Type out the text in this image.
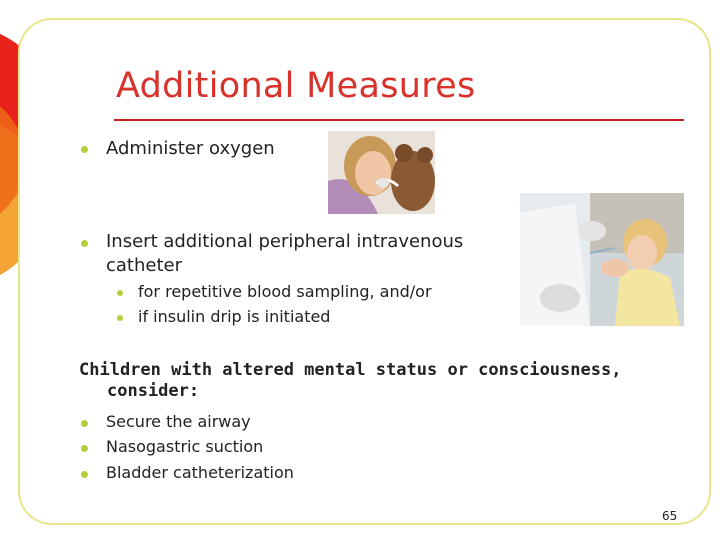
Additional Measures
Administer oxygen
Insert additional peripheral intravenous
catheter
for repetitive blood sampling, and/or
if insulin drip is initiated
Children with altered mental status or consciousness,
consider:
Secure the airway
Nasogastric suction
Bladder catheterization
65
